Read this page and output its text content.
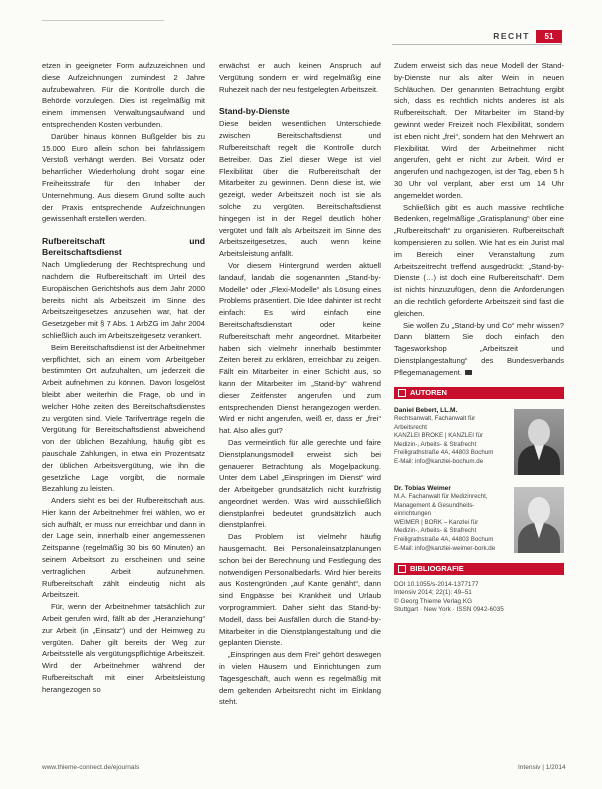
RECHT	51

etzen in geeigneter Form aufzuzeichnen und diese Aufzeichnungen zumindest 2 Jahre aufzubewahren. Für die Kontrolle durch die Behörde vorzulegen. Dies ist regelmäßig mit einem immensen Verwaltungsaufwand und entsprechenden Kosten verbunden.

Darüber hinaus können Bußgelder bis zu 15.000 Euro allein schon bei fahrlässigem Verstoß verhängt werden. Bei Vorsatz oder beharrlicher Wiederholung droht sogar eine Freiheitsstrafe für den Inhaber der Unternehmung. Aus diesem Grund sollte auch der Praxis entsprechende Aufzeichnungen gewissenhaft erstellen werden.

Rufbereitschaft und Bereitschaftsdienst

Nach Umgliederung der Rechtsprechung und nachdem die Rufbereitschaft im Urteil des Europäischen Gerichtshofs aus dem Jahr 2000 bereits nicht als Arbeitszeit im Sinne des Arbeitszeitgesetzes anzusehen war, hat der Gesetzgeber mit § 7 Abs. 1 ArbZG im Jahr 2004 schließlich auch im Arbeitszeitgesetz verankert.

Beim Bereitschaftsdienst ist der Arbeitnehmer verpflichtet, sich an einem vom Arbeitgeber bestimmten Ort aufzuhalten, um jederzeit die Arbeit aufnehmen zu können. Davon losgelöst bleibt aber weiterhin die Frage, ob und in welcher Höhe zeiten des Bereitschaftsdienstes zu vergüten sind. Viele Tarifverträge regeln die Vergütung für Bereitschaftsdienst abweichend von der üblichen Bezahlung, häufig gibt es pauschale Zahlungen, in etwa ein Prozentsatz der üblichen Arbeitsvergütung, wie ihn die gesetzliche Lage vorgibt, die normale Bezahlung zu leisten.

Anders sieht es bei der Rufbereitschaft aus. Hier kann der Arbeitnehmer frei wählen, wo er sich aufhält, er muss nur erreichbar und dann in der Lage sein, innerhalb einer angemessenen Zeitspanne (regelmäßig 30 bis 60 Minuten) an seinem Arbeitsort zu erscheinen und seine vertraglichen Arbeit aufzunehmen. Rufbereitschaft zählt eindeutig nicht als Arbeitszeit.

Für, wenn der Arbeitnehmer tatsächlich zur Arbeit gerufen wird, fällt ab der „Heranziehung“ zur Arbeit (in „Einsatz“) und der Heimweg zu vergüten. Daher gilt bereits der Weg zur Arbeitsstelle als vergütungspflichtige Arbeitszeit. Wird der Arbeitnehmer während der Rufbereitschaft mit einer Arbeitsleistung herangezogen so

erwächst er auch keinen Anspruch auf Vergütung sondern er wird regelmäßig eine Ruhezeit nach der neu festgelegten Arbeitszeit.

Stand-by-Dienste

Diese beiden wesentlichen Unterschiede zwischen Bereitschaftsdienst und Rufbereitschaft regelt die Kontrolle durch Betreiber. Das Ziel dieser Wege ist viel Flexibilität über die Rufbereitschaft der Mitarbeiter zu gewinnen. Denn diese ist, wie gezeigt, weder Arbeitszeit noch ist sie als solche zu vergüten. Bereitschaftsdienst hingegen ist in der Regel deutlich höher vergütet und fällt als Arbeitszeit im Sinne des Arbeitszeitgesetzes, auch wenn keine Arbeitsleistung anfällt.

Vor diesem Hintergrund werden aktuell landauf, landab die sogenannten „Stand-by-Modelle“ oder „Flexi-Modelle“ als Lösung eines Problems präsentiert. Die Idee dahinter ist recht einfach: Es wird einfach eine Bereitschaftsdienstart oder keine Rufbereitschaft mehr angeordnet. Mitarbeiter haben sich vielmehr innerhalb bestimmter Zeiten bereit zu erklären, erreichbar zu zeigen. Fällt ein Mitarbeiter in einer Schicht aus, so kann der Mitarbeiter im „Stand-by“ während dieser Zeitfenster angerufen und zum entsprechenden Dienst herangezogen werden. Wird er nicht angerufen, weiß er, dass er „frei“ hat. Also alles gut?

Das vermeintlich für alle gerechte und faire Dienstplanungsmodell erweist sich bei genauerer Betrachtung als Mogelpackung. Unter dem Label „Einspringen im Dienst“ wird der Arbeitgeber grundsätzlich nicht kurzfristig angeordnet werden. Was wird ausschließlich dienstplanfrei bedeutet grundsätzlich auch dienstplanfrei.

Das Problem ist vielmehr häufig hausgemacht. Bei Personaleinsatzplanungen schon bei der Berechnung und Festlegung des notwendigen Personalbedarfs. Wird hier bereits aus Kostengründen „auf Kante genäht“, dann sind Engpässe bei Krankheit und Urlaub vorprogrammiert. Daher sieht das Stand-by-Modell, dass bei Ausfällen durch die Stand-by-Mitarbeiter in die Dienstplangestaltung und die geplanten Dienste.

„Einspringen aus dem Frei“ gehört deswegen in vielen Häusern und Einrichtungen zum Tagesgeschäft, auch wenn es regelmäßig mit dem geltenden Arbeitsrecht nicht im Einklang steht.

Zudem erweist sich das neue Modell der Stand-by-Dienste nur als alter Wein in neuen Schläuchen. Der genannten Betrachtung ergibt sich, dass es rechtlich nichts anderes ist als Rufbereitschaft. Der Mitarbeiter im Stand-by gewinnt weder Freizeit noch Flexibilität, sondern ist eben nicht „frei“, sondern hat den Mehrwert an Flexibilität. Wird der Arbeitnehmer nicht angerufen, geht er nicht zur Arbeit. Wird er angerufen und nachgezogen, ist der Tag, eben 5 h 30 Uhr vol verplant, aber erst um 14 Uhr angemeldet worden.

Schließlich gibt es auch massive rechtliche Bedenken, regelmäßige „Gratisplanung“ über eine „Rufbereitschaft“ zu organisieren. Rufbereitschaft kompensieren zu sollen. Wie hat es ein Jurist mal im Bereich einer Veranstaltung zum Arbeitszeitrecht treffend ausgedrückt: „Stand-by-Dienste (…) ist doch eine Rufbereitschaft“. Dem ist nichts hinzuzufügen, denn die Anforderungen an die rechtlich geforderte Arbeitszeit sind fast die gleichen.

Sie wollen Zu „Stand-by und Co“ mehr wissen? Dann blättern Sie doch einfach den Tagesworkshop „Arbeitszeit und Dienstplangestaltung“ des Bundesverbands Pflegemanagement.

AUTOREN
Daniel Bebert, LL.M.
Rechtsanwalt, Fachanwalt für
Arbeitsrecht
KANZLEI BROKE | KANZLEI für
Medizin-, Arbeits- & Strafrecht
Freiligrathstraße 4A, 44803 Bochum
E-Mail: info@kanzlei-bochum.de
Dr. Tobias Weimer
M.A. Fachanwalt für Medizinrecht,
Management & Gesundheits-
einrichtungen
WEIMER | BORK – Kanzlei für
Medizin-, Arbeits- & Strafrecht
Freiligrathstraße 4A, 44803 Bochum
E-Mail: info@kanzlei-weimer-bork.de
BIBLIOGRAFIE
DOI 10.1055/s-2014-1377177
Intensiv 2014; 22(1): 49–51
© Georg Thieme Verlag KG
Stuttgart · New York · ISSN 0942-6035
www.thieme-connect.de/ejournals	Intensiv | 1/2014
